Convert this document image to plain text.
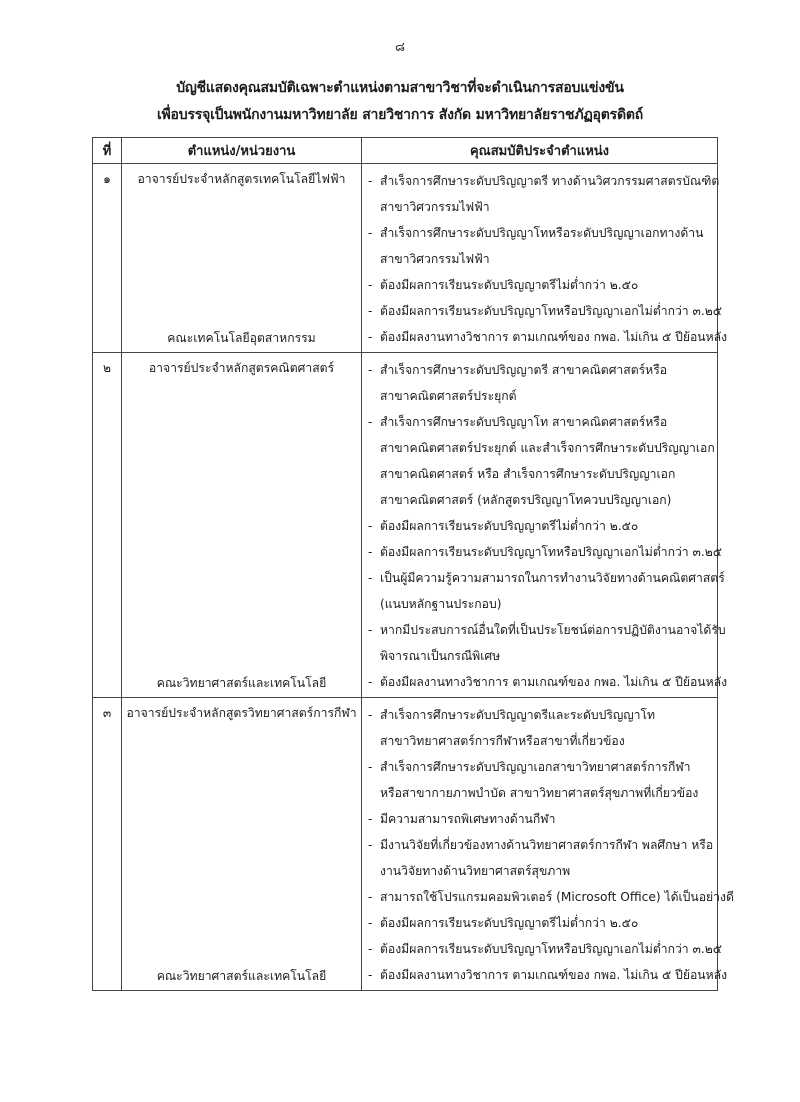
๘
บัญชีแสดงคุณสมบัติเฉพาะตำแหน่งตามสาขาวิชาที่จะดำเนินการสอบแข่งขัน
เพื่อบรรจุเป็นพนักงานมหาวิทยาลัย สายวิชาการ สังกัด มหาวิทยาลัยราชภัฏอุตรดิตถ์
ที่	ตำแหน่ง/หน่วยงาน	คุณสมบัติประจำตำแหน่ง
๑	อาจารย์ประจำหลักสูตรเทคโนโลยีไฟฟ้า
คณะเทคโนโลยีอุตสาหกรรม

- สำเร็จการศึกษาระดับปริญญาตรี ทางด้านวิศวกรรมศาสตรบัณฑิต
สาขาวิศวกรรมไฟฟ้า
- สำเร็จการศึกษาระดับปริญญาโทหรือระดับปริญญาเอกทางด้าน
สาขาวิศวกรรมไฟฟ้า
- ต้องมีผลการเรียนระดับปริญญาตรีไม่ต่ำกว่า ๒.๕๐
- ต้องมีผลการเรียนระดับปริญญาโทหรือปริญญาเอกไม่ต่ำกว่า ๓.๒๕
- ต้องมีผลงานทางวิชาการ ตามเกณฑ์ของ กพอ. ไม่เกิน ๕ ปีย้อนหลัง

๒	อาจารย์ประจำหลักสูตรคณิตศาสตร์
คณะวิทยาศาสตร์และเทคโนโลยี

- สำเร็จการศึกษาระดับปริญญาตรี สาขาคณิตศาสตร์หรือ
สาขาคณิตศาสตร์ประยุกต์
- สำเร็จการศึกษาระดับปริญญาโท สาขาคณิตศาสตร์หรือ
สาขาคณิตศาสตร์ประยุกต์ และสำเร็จการศึกษาระดับปริญญาเอก
สาขาคณิตศาสตร์ หรือ สำเร็จการศึกษาระดับปริญญาเอก
สาขาคณิตศาสตร์ (หลักสูตรปริญญาโทควบปริญญาเอก)
- ต้องมีผลการเรียนระดับปริญญาตรีไม่ต่ำกว่า ๒.๕๐
- ต้องมีผลการเรียนระดับปริญญาโทหรือปริญญาเอกไม่ต่ำกว่า ๓.๒๕
- เป็นผู้มีความรู้ความสามารถในการทำงานวิจัยทางด้านคณิตศาสตร์
(แนบหลักฐานประกอบ)
- หากมีประสบการณ์อื่นใดที่เป็นประโยชน์ต่อการปฏิบัติงานอาจได้รับ
พิจารณาเป็นกรณีพิเศษ
- ต้องมีผลงานทางวิชาการ ตามเกณฑ์ของ กพอ. ไม่เกิน ๕ ปีย้อนหลัง

๓	อาจารย์ประจำหลักสูตรวิทยาศาสตร์การกีฬา
คณะวิทยาศาสตร์และเทคโนโลยี

- สำเร็จการศึกษาระดับปริญญาตรีและระดับปริญญาโท
สาขาวิทยาศาสตร์การกีฬาหรือสาขาที่เกี่ยวข้อง
- สำเร็จการศึกษาระดับปริญญาเอกสาขาวิทยาศาสตร์การกีฬา
หรือสาขากายภาพบำบัด สาขาวิทยาศาสตร์สุขภาพที่เกี่ยวข้อง
- มีความสามารถพิเศษทางด้านกีฬา
- มีงานวิจัยที่เกี่ยวข้องทางด้านวิทยาศาสตร์การกีฬา พลศึกษา หรือ
งานวิจัยทางด้านวิทยาศาสตร์สุขภาพ
- สามารถใช้โปรแกรมคอมพิวเตอร์ (Microsoft Office) ได้เป็นอย่างดี
- ต้องมีผลการเรียนระดับปริญญาตรีไม่ต่ำกว่า ๒.๕๐
- ต้องมีผลการเรียนระดับปริญญาโทหรือปริญญาเอกไม่ต่ำกว่า ๓.๒๕
- ต้องมีผลงานทางวิชาการ ตามเกณฑ์ของ กพอ. ไม่เกิน ๕ ปีย้อนหลัง
